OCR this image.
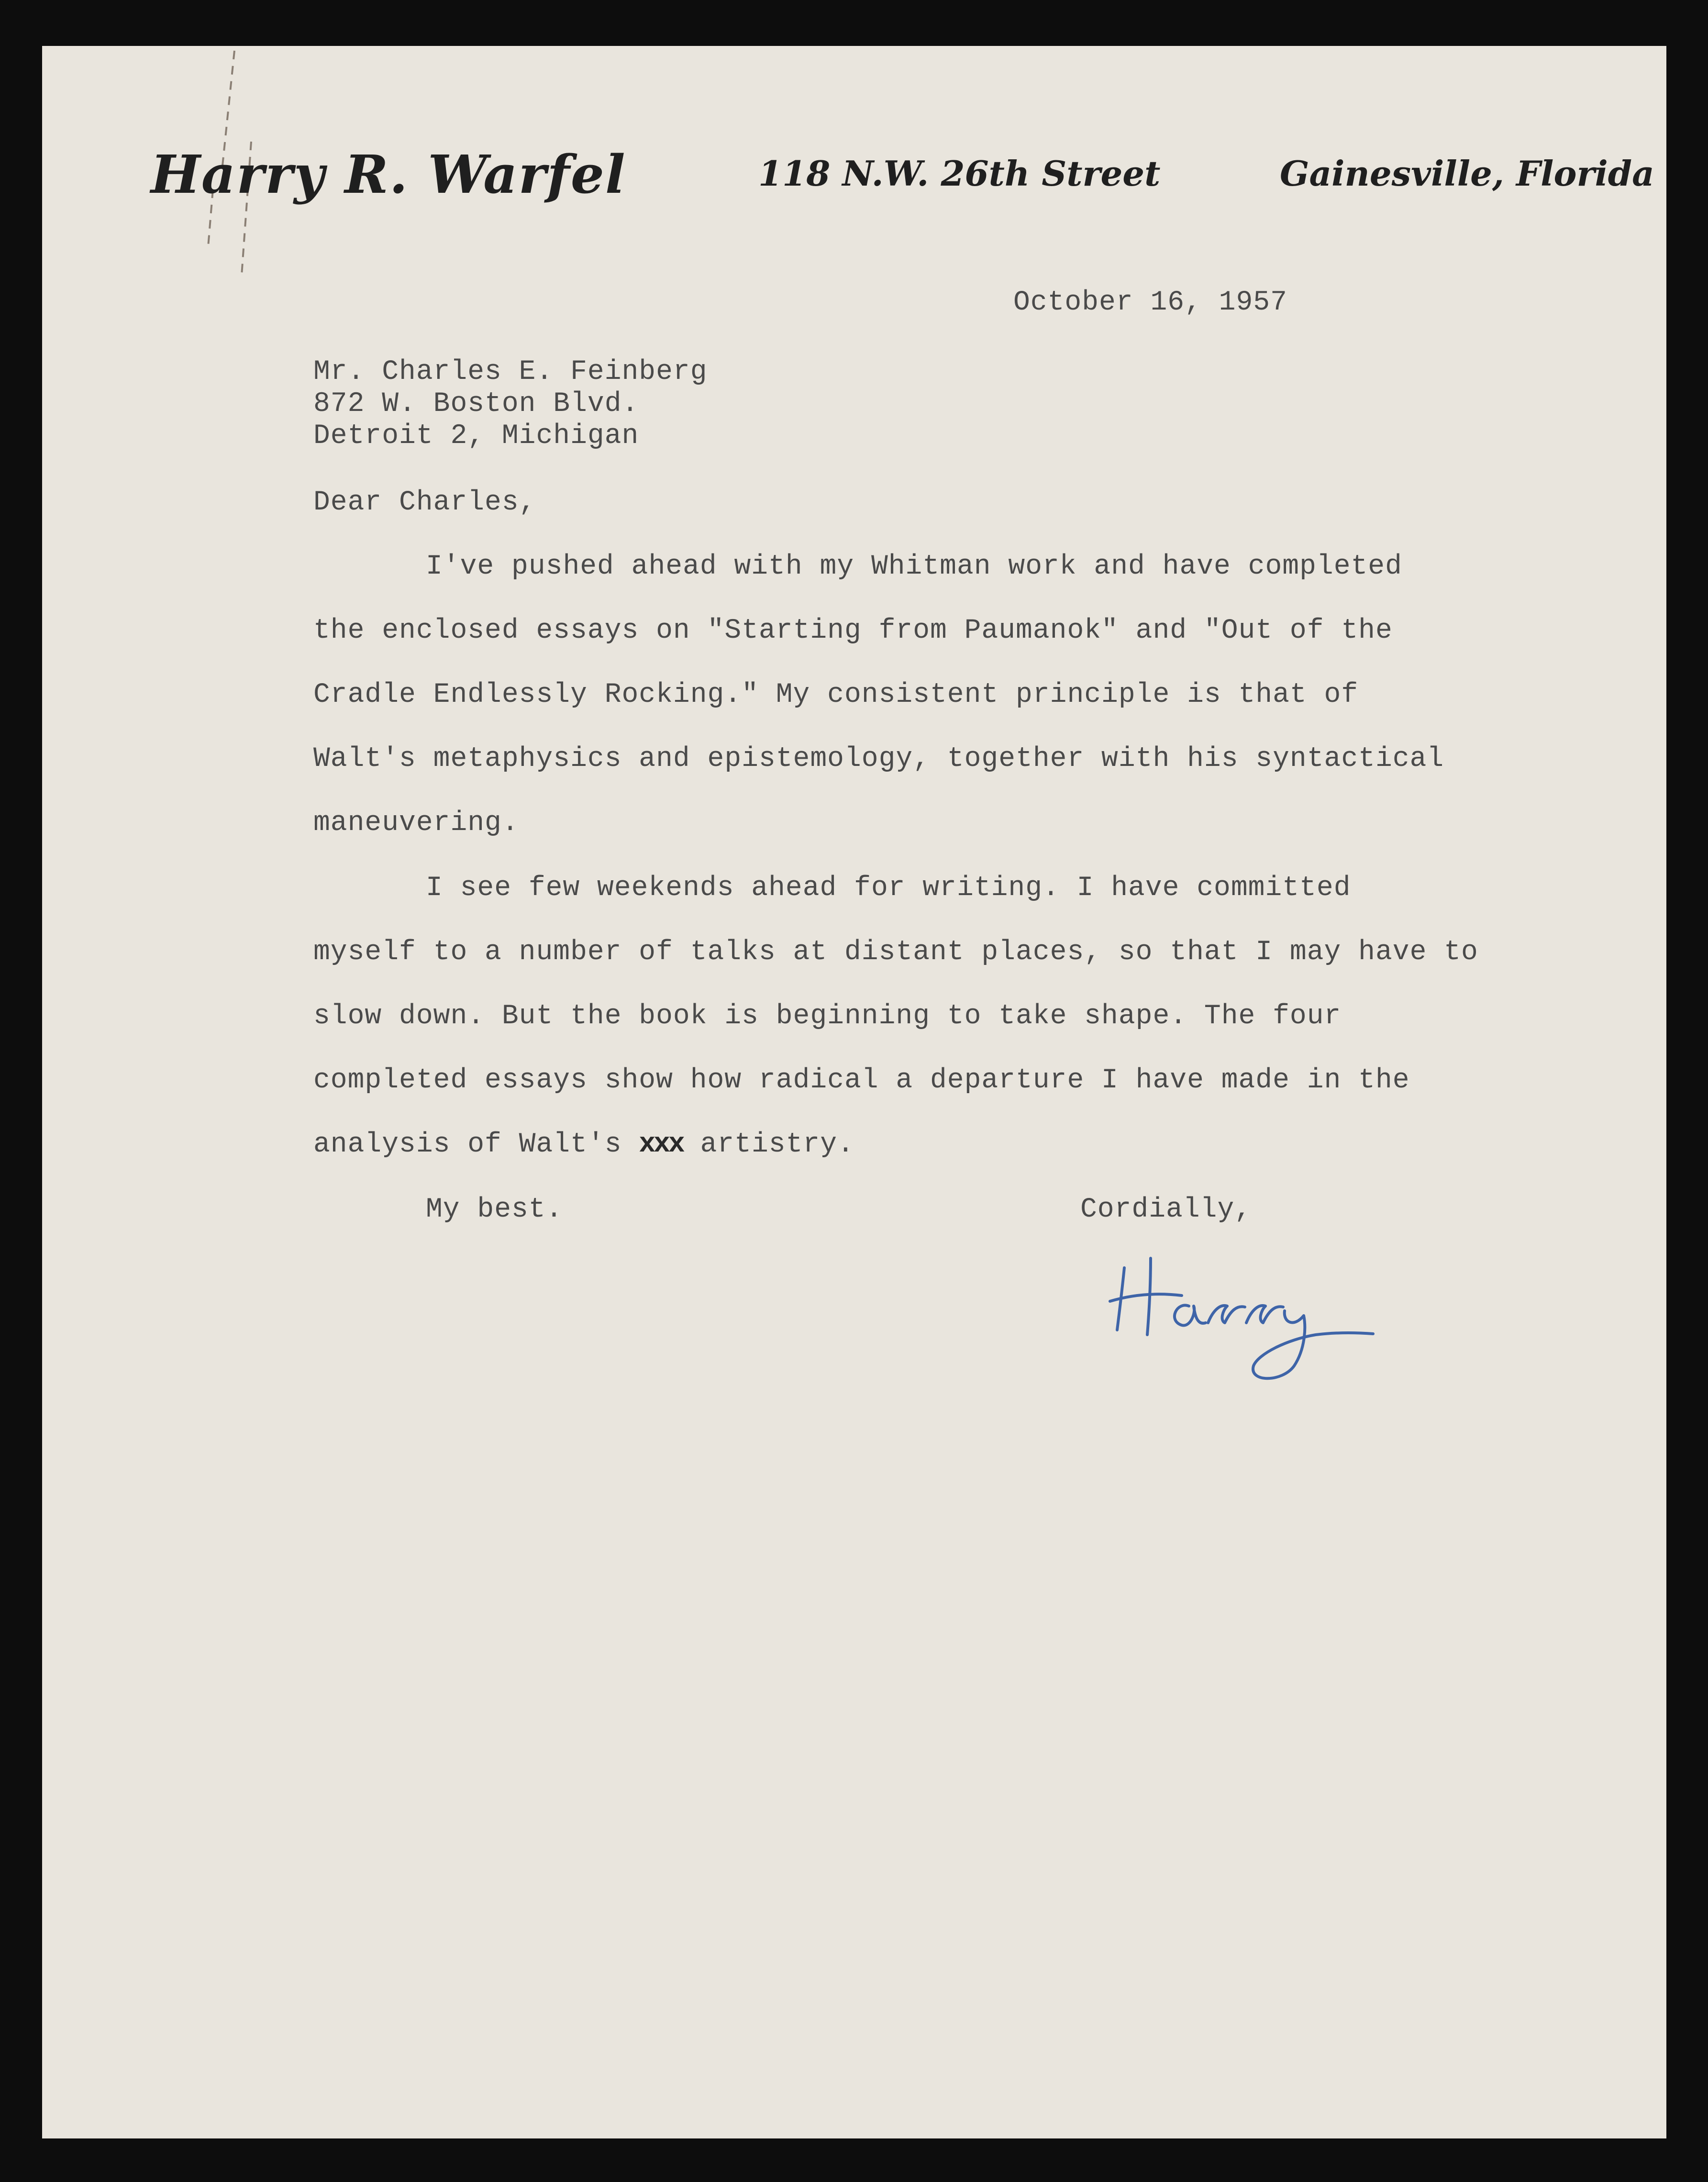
Harry R. Warfel	118 N.W. 26th Street	Gainesville, Florida
October 16, 1957
Mr. Charles E. Feinberg
872 W. Boston Blvd.
Detroit 2, Michigan
Dear Charles,
I've pushed ahead with my Whitman work and have completed
the enclosed essays on "Starting from Paumanok" and "Out of the
Cradle Endlessly Rocking." My consistent principle is that of
Walt's metaphysics and epistemology, together with his syntactical
maneuvering.
I see few weekends ahead for writing. I have committed
myself to a number of talks at distant places, so that I may have to
slow down. But the book is beginning to take shape. The four
completed essays show how radical a departure I have made in the
analysis of Walt's xxx artistry.
My best.	Cordially,
